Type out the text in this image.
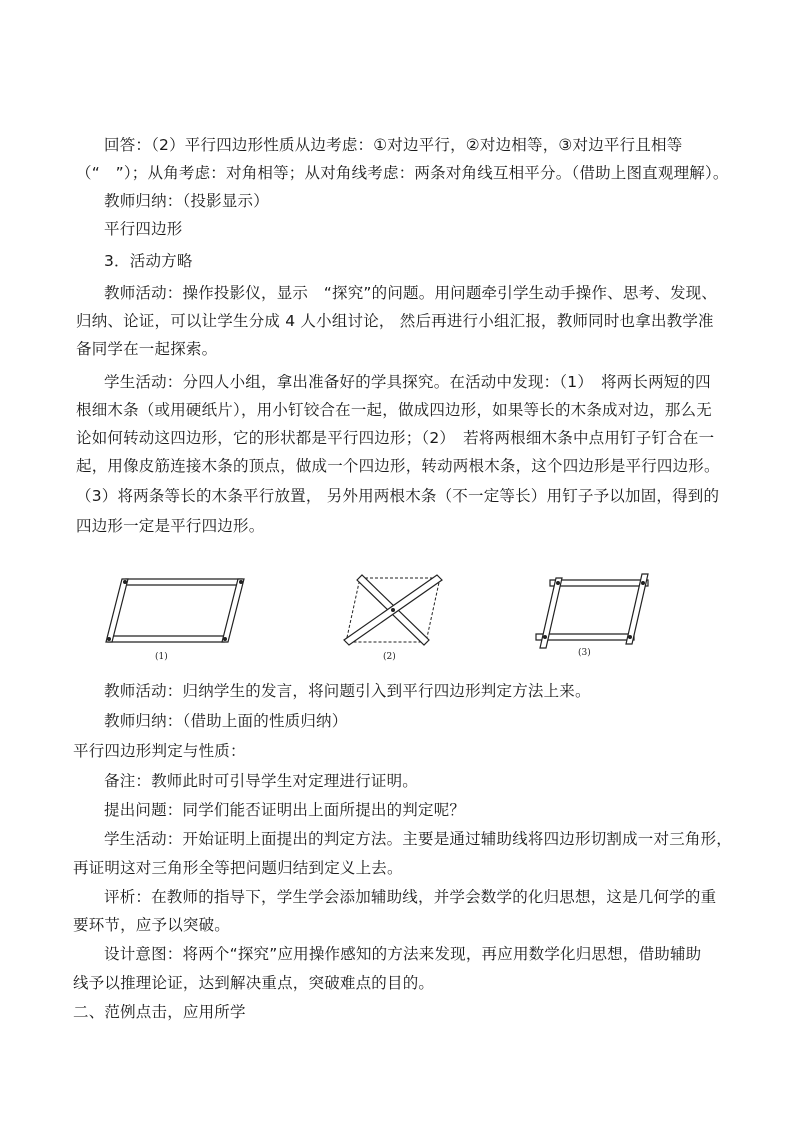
回答：（2）平行四边形性质从边考虑：①对边平行，②对边相等，③对边平行且相等
（“　”）；从角考虑：对角相等；从对角线考虑：两条对角线互相平分。（借助上图直观理解）。
教师归纳：（投影显示）
平行四边形
3．活动方略
教师活动：操作投影仪，显示　“探究”的问题。用问题牵引学生动手操作、思考、发现、
归纳、论证，可以让学生分成 4 人小组讨论， 然后再进行小组汇报，教师同时也拿出教学准
备同学在一起探索。
学生活动：分四人小组，拿出准备好的学具探究。在活动中发现：（1）　将两长两短的四
根细木条（或用硬纸片），用小钉铰合在一起，做成四边形，如果等长的木条成对边，那么无
论如何转动这四边形，它的形状都是平行四边形；（2）　若将两根细木条中点用钉子钉合在一
起，用像皮筋连接木条的顶点，做成一个四边形，转动两根木条，这个四边形是平行四边形。
（3）将两条等长的木条平行放置， 另外用两根木条（不一定等长）用钉子予以加固，得到的
四边形一定是平行四边形。
(1)	(2)	(3)
教师活动：归纳学生的发言，将问题引入到平行四边形判定方法上来。
教师归纳：（借助上面的性质归纳）
平行四边形判定与性质：
备注：教师此时可引导学生对定理进行证明。
提出问题：同学们能否证明出上面所提出的判定呢？
学生活动：开始证明上面提出的判定方法。主要是通过辅助线将四边形切割成一对三角形，
再证明这对三角形全等把问题归结到定义上去。
评析：在教师的指导下，学生学会添加辅助线，并学会数学的化归思想，这是几何学的重
要环节，应予以突破。
设计意图：将两个“探究”应用操作感知的方法来发现，再应用数学化归思想，借助辅助
线予以推理论证，达到解决重点，突破难点的目的。
二、范例点击，应用所学
